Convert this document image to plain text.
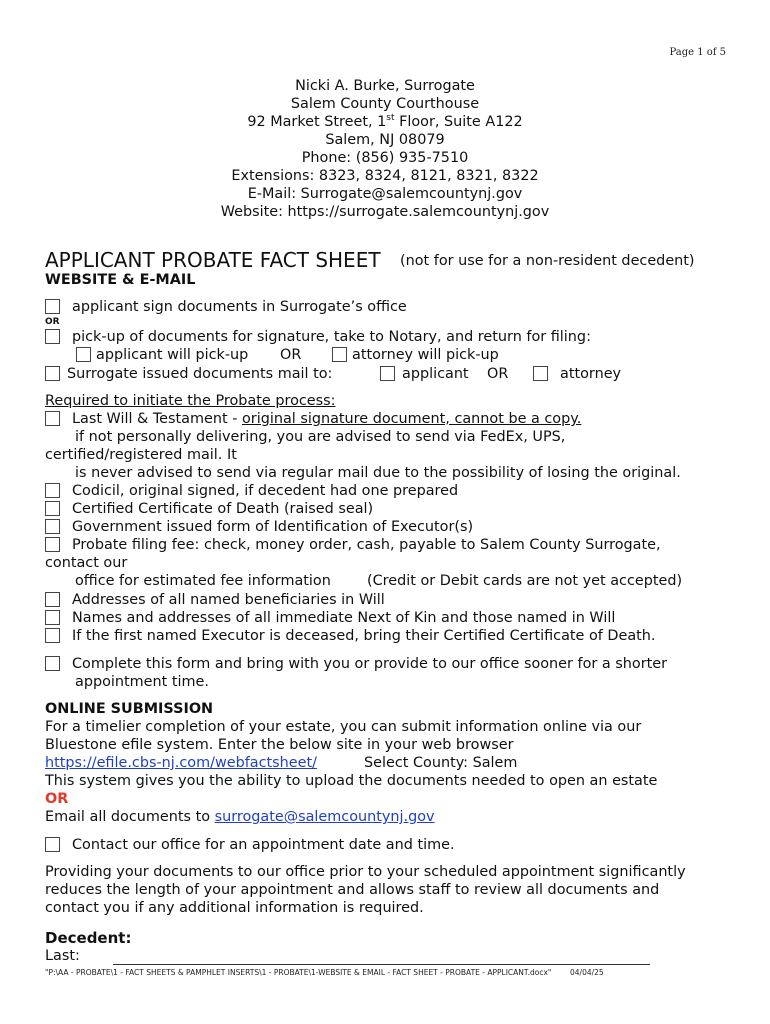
Page 1 of 5
Nicki A. Burke, Surrogate
Salem County Courthouse
92 Market Street, 1st Floor, Suite A122
Salem, NJ 08079
Phone: (856) 935-7510
Extensions: 8323, 8324, 8121, 8321, 8322
E-Mail: Surrogate@salemcountynj.gov
Website: https://surrogate.salemcountynj.gov
APPLICANT PROBATE FACT SHEET (not for use for a non-resident decedent)
WEBSITE & E-MAIL
applicant sign documents in Surrogate’s office
OR
pick-up of documents for signature, take to Notary, and return for filing:
applicant will pick-up OR	attorney will pick-up
Surrogate issued documents mail to:	applicant OR	attorney
Required to initiate the Probate process:
Last Will & Testament - original signature document, cannot be a copy.
if not personally delivering, you are advised to send via FedEx, UPS,
certified/registered mail. It
is never advised to send via regular mail due to the possibility of losing the original.
Codicil, original signed, if decedent had one prepared
Certified Certificate of Death (raised seal)
Government issued form of Identification of Executor(s)
Probate filing fee: check, money order, cash, payable to Salem County Surrogate,
contact our
office for estimated fee information	(Credit or Debit cards are not yet accepted)
Addresses of all named beneficiaries in Will
Names and addresses of all immediate Next of Kin and those named in Will
If the first named Executor is deceased, bring their Certified Certificate of Death.
Complete this form and bring with you or provide to our office sooner for a shorter
appointment time.
ONLINE SUBMISSION
For a timelier completion of your estate, you can submit information online via our
Bluestone efile system. Enter the below site in your web browser
https://efile.cbs-nj.com/webfactsheet/	Select County: Salem
This system gives you the ability to upload the documents needed to open an estate
OR
Email all documents to surrogate@salemcountynj.gov
Contact our office for an appointment date and time.
Providing your documents to our office prior to your scheduled appointment significantly
reduces the length of your appointment and allows staff to review all documents and
contact you if any additional information is required.
Decedent:
Last:
"P:\AA - PROBATE\1 - FACT SHEETS & PAMPHLET INSERTS\1 - PROBATE\1-WEBSITE & EMAIL - FACT SHEET - PROBATE - APPLICANT.docx" 04/04/25
